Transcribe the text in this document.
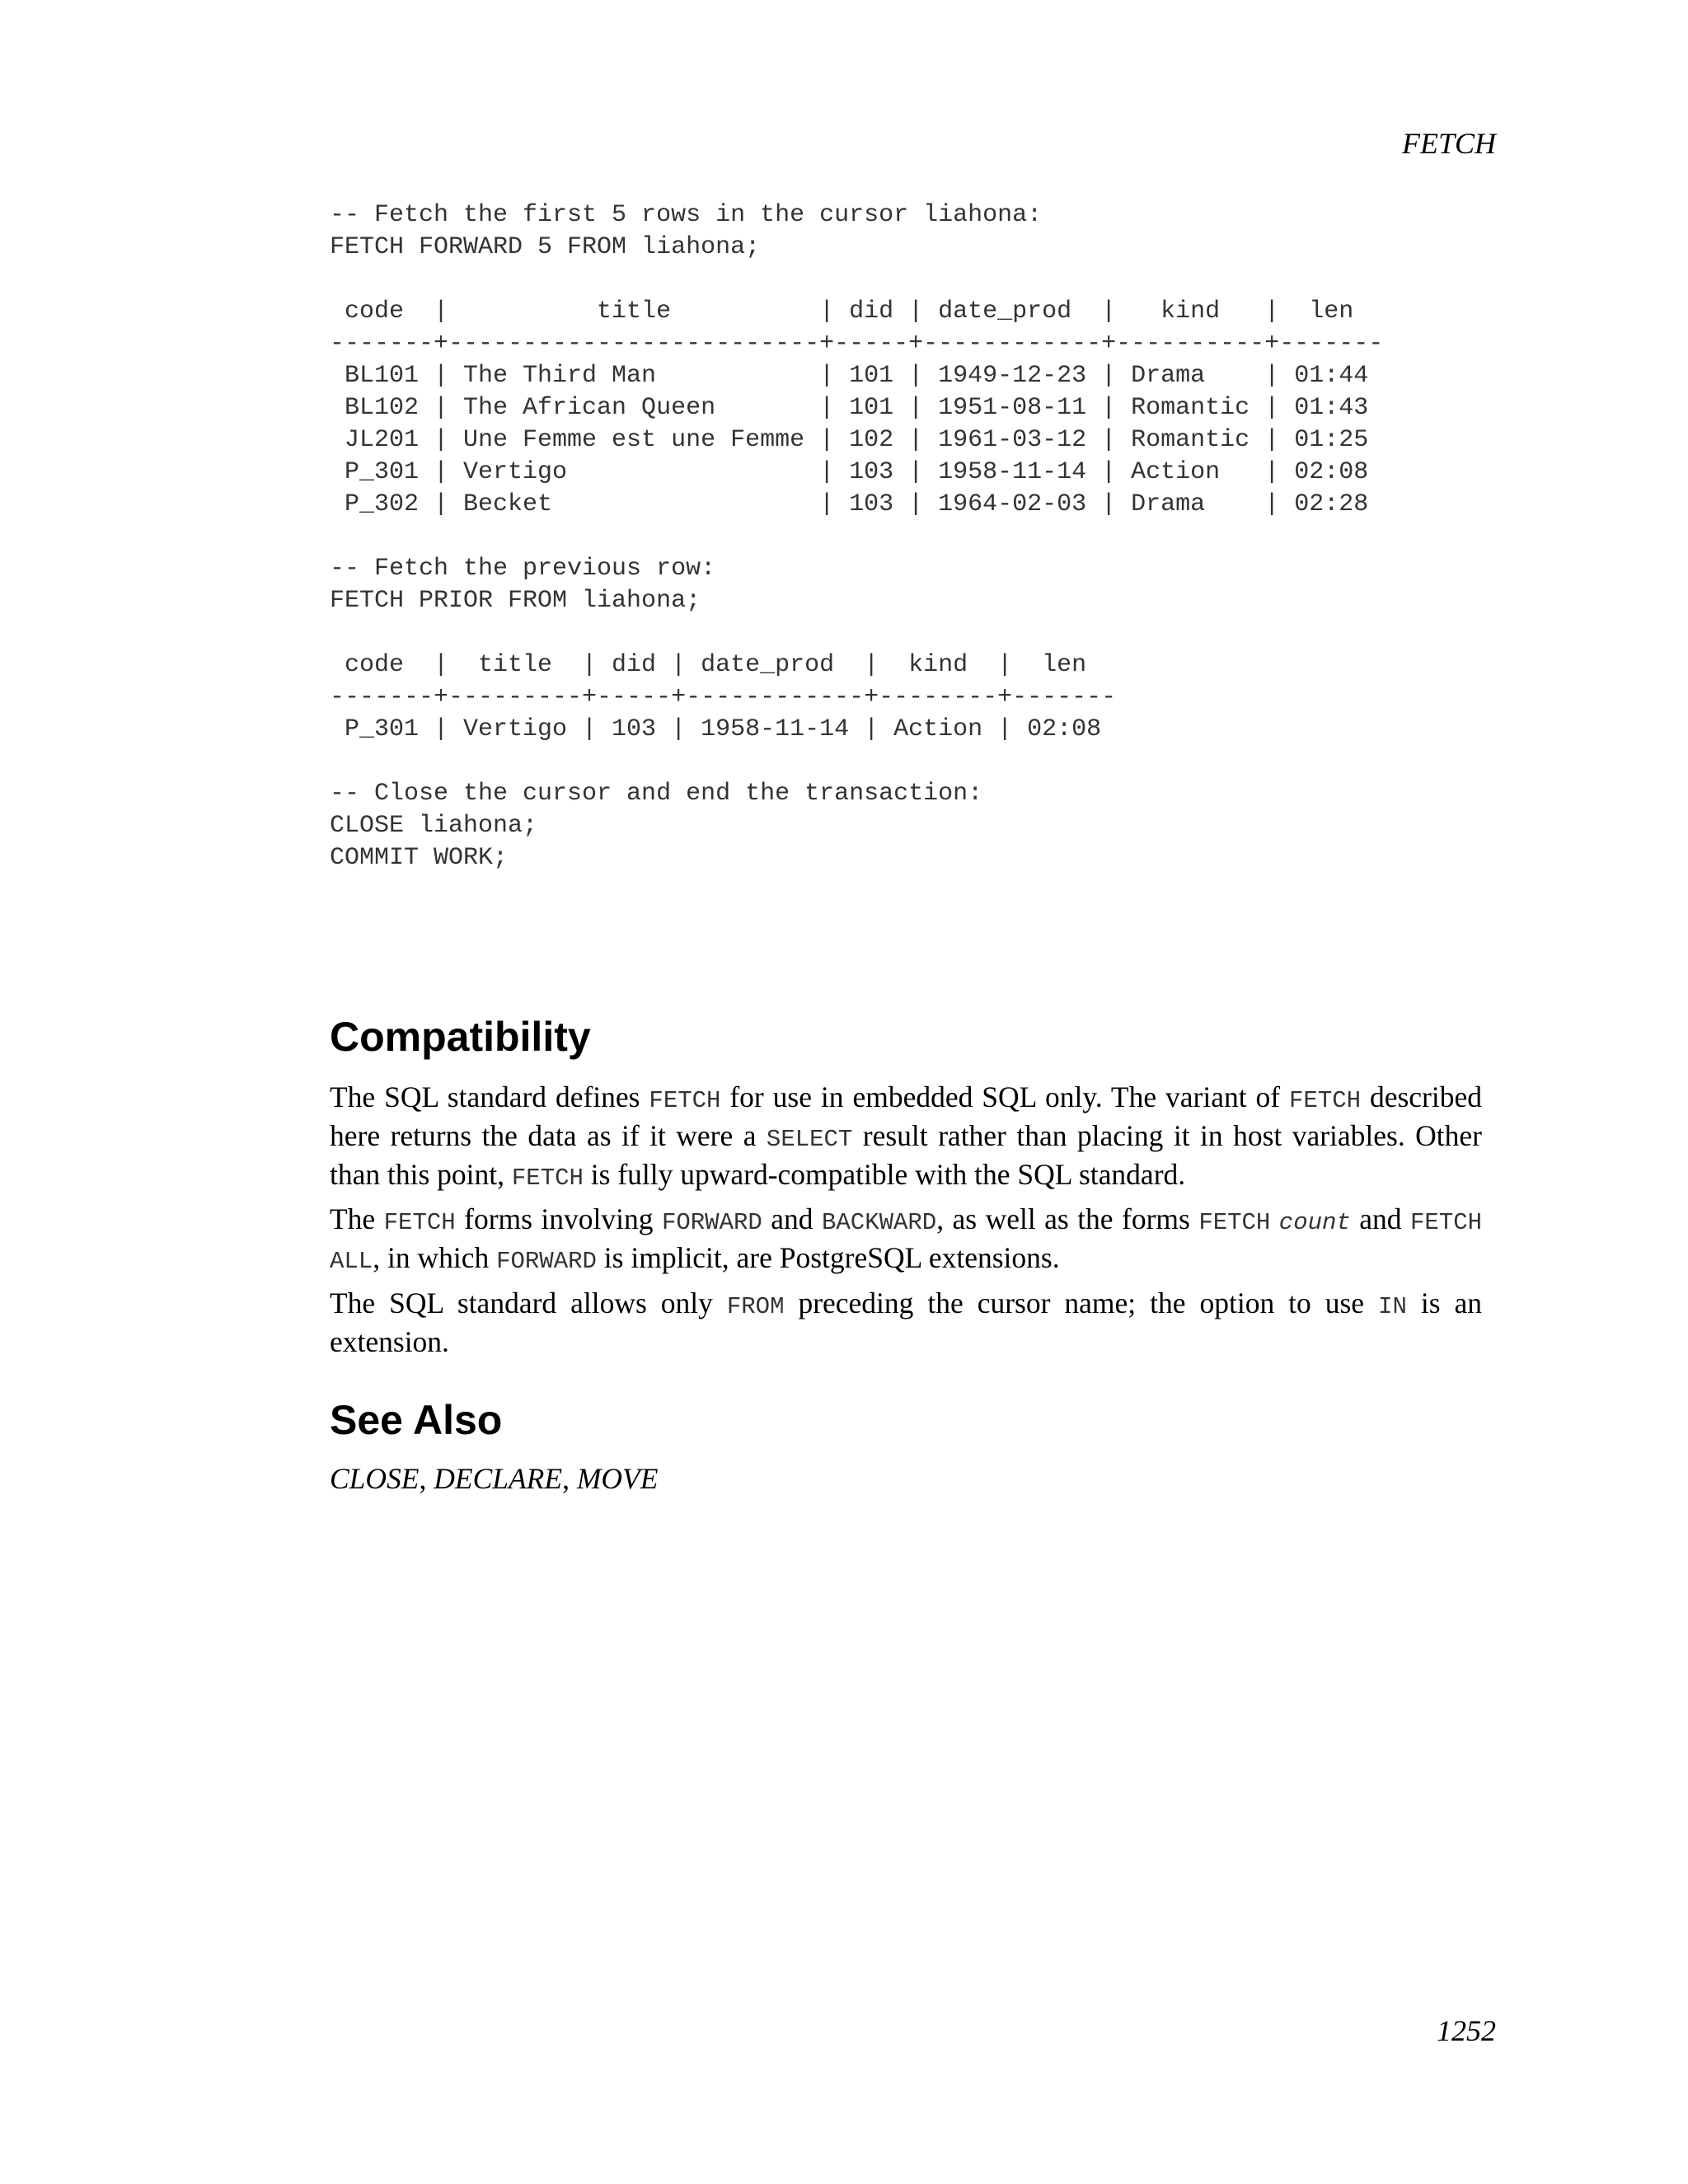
FETCH
-- Fetch the first 5 rows in the cursor liahona:
FETCH FORWARD 5 FROM liahona;

code  |          title          | did | date_prod  |   kind   |  len
-------+-------------------------+-----+------------+----------+-------
BL101 | The Third Man           | 101 | 1949-12-23 | Drama    | 01:44
BL102 | The African Queen       | 101 | 1951-08-11 | Romantic | 01:43
JL201 | Une Femme est une Femme | 102 | 1961-03-12 | Romantic | 01:25
P_301 | Vertigo                 | 103 | 1958-11-14 | Action   | 02:08
P_302 | Becket                  | 103 | 1964-02-03 | Drama    | 02:28

-- Fetch the previous row:
FETCH PRIOR FROM liahona;

code  |  title  | did | date_prod  |  kind  |  len
-------+---------+-----+------------+--------+-------
P_301 | Vertigo | 103 | 1958-11-14 | Action | 02:08

-- Close the cursor and end the transaction:
CLOSE liahona;
COMMIT WORK;
Compatibility

The SQL standard defines FETCH for use in embedded SQL only. The variant of FETCH described here returns the data as if it were a SELECT result rather than placing it in host variables. Other than this point, FETCH is fully upward-compatible with the SQL standard.

The FETCH forms involving FORWARD and BACKWARD, as well as the forms FETCH count and FETCH ALL, in which FORWARD is implicit, are PostgreSQL extensions.

The SQL standard allows only FROM preceding the cursor name; the option to use IN is an extension.

See Also

CLOSE, DECLARE, MOVE

1252
